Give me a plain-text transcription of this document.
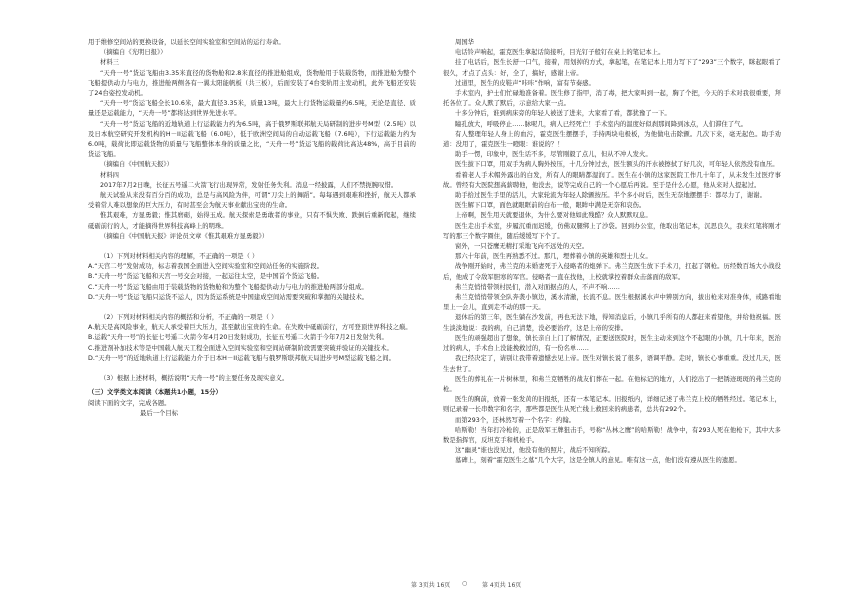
用于维修空间站的更换设备，以延长空间实验室和空间站的运行寿命。

（摘编自《光明日报》）

材料三

“天舟一号”货运飞船由3.35米直径的货物舱和2.8米直径的推进舱组成，货物舱用于装载货物，而推进舱为整个飞船提供动力与电力，推进舱两侧各有一翼太阳能帆板（共三板），后面安装了4台变轨用主发动机，此外飞船还安装了24台姿控发动机。

“天舟一号”货运飞船全长10.6米，最大直径3.35米，质量13吨，最大上行货物运载量约6.5吨，无论是直径、质量还是运载能力，“天舟一号”都将达到世界先进水平。

“天舟一号”货运飞船的近地轨道上行运载能力约为6.5吨，高于俄罗斯联邦航天局研制的进步号M型（2.5吨）以及日本航空研究开发机构的H－II运载飞船（6.0吨），低于欧洲空间局的自动运载飞船（7.6吨），下行运载能力约为6.0吨，载荷比即运载货物的质量与飞船整体本身的质量之比，“天舟一号”货运飞船的载荷比高达48%，高于目前的货运飞船。

（摘编自《中国航天报》）

材料四

2017年7月2日晚，长征五号遥二火箭飞行出现异常，发射任务失利。消息一经披露，人们不禁扼腕叹惜。

航天试验从来没有百分百的成功，总是与高风险为伴，可谓“刀尖上的舞蹈”。每每遇到艰难和挫折，航天人都承受着常人难以想象的巨大压力，有时甚至会为航天事业献出宝贵的生命。

惟其艰难，方显勇毅；惟其磨砺，始得玉成。航天探索是勇敢者的事业，只有不惧失败、跌倒后重新爬起，继续砥砺前行的人，才能摘得世界科技高峰上的明珠。

（摘编自《中国航天报》评论员文章《惟其艰难方显勇毅》）

（1）下列对材料相关内容的理解，不正确的一项是（ ）

A.“天宫二号”发射成功，标志着我国全面进入空间实验室和空间站任务的实施阶段。

B.“天舟一号”货运飞船和天宫一号交会对接，一起运往太空，是中国首个货运飞船。

C.“天舟一号”货运飞船由用于装载货物的货物舱和为整个飞船提供动力与电力的推进舱两部分组成。

D.“天舟一号”货运飞船只运货不运人，因为货运系统是中国建成空间站需要突破和掌握的关键技术。

（2）下列对材料相关内容的概括和分析，不正确的一项是（ ）

A.航天是高风险事业，航天人承受着巨大压力，甚至献出宝贵的生命。在失败中砥砺前行，方可登顶世界科技之巅。

B.运载“天舟一号”的长征七号遥二火箭今年4月20日发射成功，长征五号遥二火箭于今年7月2日发射失利。

C.推进剂补加技术等是中国载人航天工程全面进入空间实验室和空间站研制阶段需要突破并验证的关键技术。

D.“天舟一号”的近地轨道上行运载能力介于日本H－II运载飞船与俄罗斯联邦航天局进步号M型运载飞船之间。

（3）根据上述材料，概括说明“天舟一号”的主要任务及现实意义。

（三）文学类文本阅读（本题共1小题，15分）

阅读下面的文字，完成各题。

最后一个目标

周国华

电话铃声响起，霍克医生拿起话筒接听，目光钉子般钉在桌上的笔记本上。

挂了电话后，医生长舒一口气，接着，用划掉的方式，拿起笔，在笔记本上用力写下了“293”三个数字，眯起眼看了很久，才点了点头：好，全了，搞好，感谢上帝。

过道里，医生的皮鞋声“咔咔”作响，富有节奏感。

手术室内，护士们忙碌地准备着。医生修了指甲，消了毒，把大家叫到一起，胸了个把，今天的手术对我很重要，拜托各位了。众人默了默后，示意给大家一点。

十多分钟后，谁到病床旁的年轻人被送了进来，大家看了看，都犹豫了一下。

瞳孔放大，呼吸停止……脉呢几，病人已经死亡！手术室内的温度好似刹那间降到冰点，人们滞住了气。

有人整理年轻人身上的血污，霍克医生摆摆手，手持两块电极板，为他做电击除颤。几次下来，毫无起色。助手劝道：没用了，霍克医生一瞪眼：谁说的？！

助手一愣，印象中，医生话不多，尽管刚毅了点儿，但从不冲人发火。

医生拔下口罩，用双手为病人胸外按压，十几分钟过去，医生额头的汗水被擦拭了好几次，可年轻人依然没有血压。

看着老人手术帽外露出的白发，所有人的眼睛都湿润了。医生在小镇的这家医院工作几十年了，从未发生过医疗事故。曾经有大医院想高薪聘他，他没去，说等完成自己的一个心愿后再说。至于是什么心愿，他从来对人提起过。

助手拾过医生手里的活儿，大家轮流为年轻人除颤按压。半个多小时后，医生无奈地摆摆手：都尽力了，谢谢。

医生解下口罩，面色就眼眶前的白布一般，眼眸中满是无奈和哀伤。

上帝啊，医生用天就要退休，为什么要对他如此残酷？众人默默叹息。

医生走出手术室，步履沉重而迟缓，仿佛双腿绑上了沙袋。回到办公室，他取出笔记本，沉思良久，我来红笔将刚才写的那三个数字圈住，随后缓缓写下个了。

窗外，一只苍鹰无精打采地飞向不远处的天空。

那六十年前，医生再熟悉不过。那几，埋葬着小镇的英雄和烈士儿女。

战争刚开始时，弗兰克的未婚妻死于入侵略者的炮弹下。弗兰克医生放下手术刀，扛起了钢枪。历经数百场大小战役后，他成了令敌军胆寒的军官。侵略者一直在找他，上校就掌控着群众击落面的敌军。

弗兰克悄悄带领村民们，潜入对面据点的人，不声不响……

弗兰克悄悄带领全队奔袭小镇边，溪水清澈，长流不息。医生根据溪水声中辨别方向，拔出枪来对准身体，戒路看地里上一会儿，直到走不动的那一天。

退休后的第三年，医生躺在沙发前，再也无法下地，得知消息后，小镇几乎所有的人都赶来看望他，并给他祝福。医生淡淡地说：我的病，自己清楚，没必要治疗，这是上帝的安排。

医生的顽强超出了想象，镇长亲自上门了解情况，正要送医院时，医生主动来到这个不起眼的小镇，几十年来，医治过的病人，手术台上没能挽救过的，有一份名单……

我已经决定了，请别让我带着遗憾去见上帝。医生对镇长说了很多，语调平静。走时，镇长心事重重。没过几天，医生去世了。

医生的葬礼在一片树林里，和弗兰克牺牲的战友们葬在一起。在他标记的地方，人们挖出了一把锈迹斑斑的弗兰克的枪。

医生的胸前，放着一张发黄的旧报纸，还有一本笔记本。旧报纸内，详细记述了弗兰克上校的牺牲经过。笔记本上，则记录着一长串数字和名字，那些都是医生从死亡线上救回来的病患者，总共有292个。

而第293个，还林然写着一个名字：约翰。

哈斯勒！当年打冷枪的，正是敌军王牌狙击手，号称“丛林之鹰”的哈斯勒！战争中，有293人死在他枪下，其中大多数是指挥官，反坦克手和机枪手。

这“幽灵”谁也没见过，他没有他的照片，战后不知所踪。

墓碑上，刻着“霍克医生之墓”几个大字，这是全镇人的意见。唯有这一点，他们没有遵从医生的遗愿。

第 3页共 16页 ○ 第 4页共 16页
